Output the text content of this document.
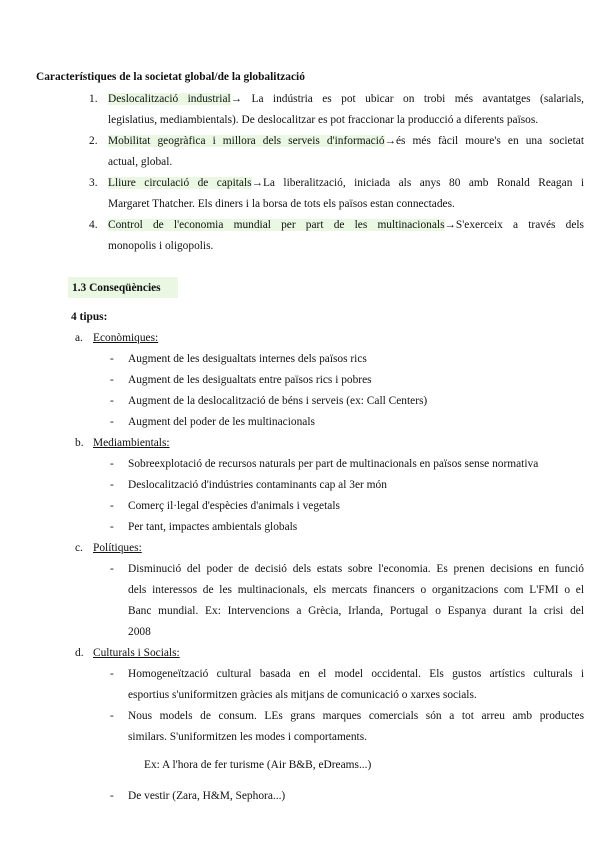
Característiques de la societat global/de la globalització
1. Deslocalització industrial→ La indústria es pot ubicar on trobi més avantatges (salarials,
legislatius, mediambientals). De deslocalitzar es pot fraccionar la producció a diferents països.
2. Mobilitat geogràfica i millora dels serveis d'informació→és més fàcil moure's en una societat
actual, global.
3. Lliure circulació de capitals→La liberalització, iniciada als anys 80 amb Ronald Reagan i
Margaret Thatcher. Els diners i la borsa de tots els països estan connectades.
4. Control de l'economia mundial per part de les multinacionals→S'exerceix a través dels
monopolis i oligopolis.
1.3 Conseqüències
4 tipus:
a. Econòmiques:
- Augment de les desigualtats internes dels països rics
- Augment de les desigualtats entre països rics i pobres
- Augment de la deslocalització de béns i serveis (ex: Call Centers)
- Augment del poder de les multinacionals
b. Mediambientals:
- Sobreexplotació de recursos naturals per part de multinacionals en països sense normativa
- Deslocalització d'indústries contaminants cap al 3er món
- Comerç il·legal d'espècies d'animals i vegetals
- Per tant, impactes ambientals globals
c. Polítiques:
- Disminució del poder de decisió dels estats sobre l'economia. Es prenen decisions en funció
dels interessos de les multinacionals, els mercats financers o organitzacions com L'FMI o el
Banc mundial. Ex: Intervencions a Grècia, Irlanda, Portugal o Espanya durant la crisi del
2008
d. Culturals i Socials:
- Homogeneïtzació cultural basada en el model occidental. Els gustos artístics culturals i
esportius s'uniformitzen gràcies als mitjans de comunicació o xarxes socials.
- Nous models de consum. LEs grans marques comercials són a tot arreu amb productes
similars. S'uniformitzen les modes i comportaments.
Ex: A l'hora de fer turisme (Air B&B, eDreams...)
- De vestir (Zara, H&M, Sephora...)
